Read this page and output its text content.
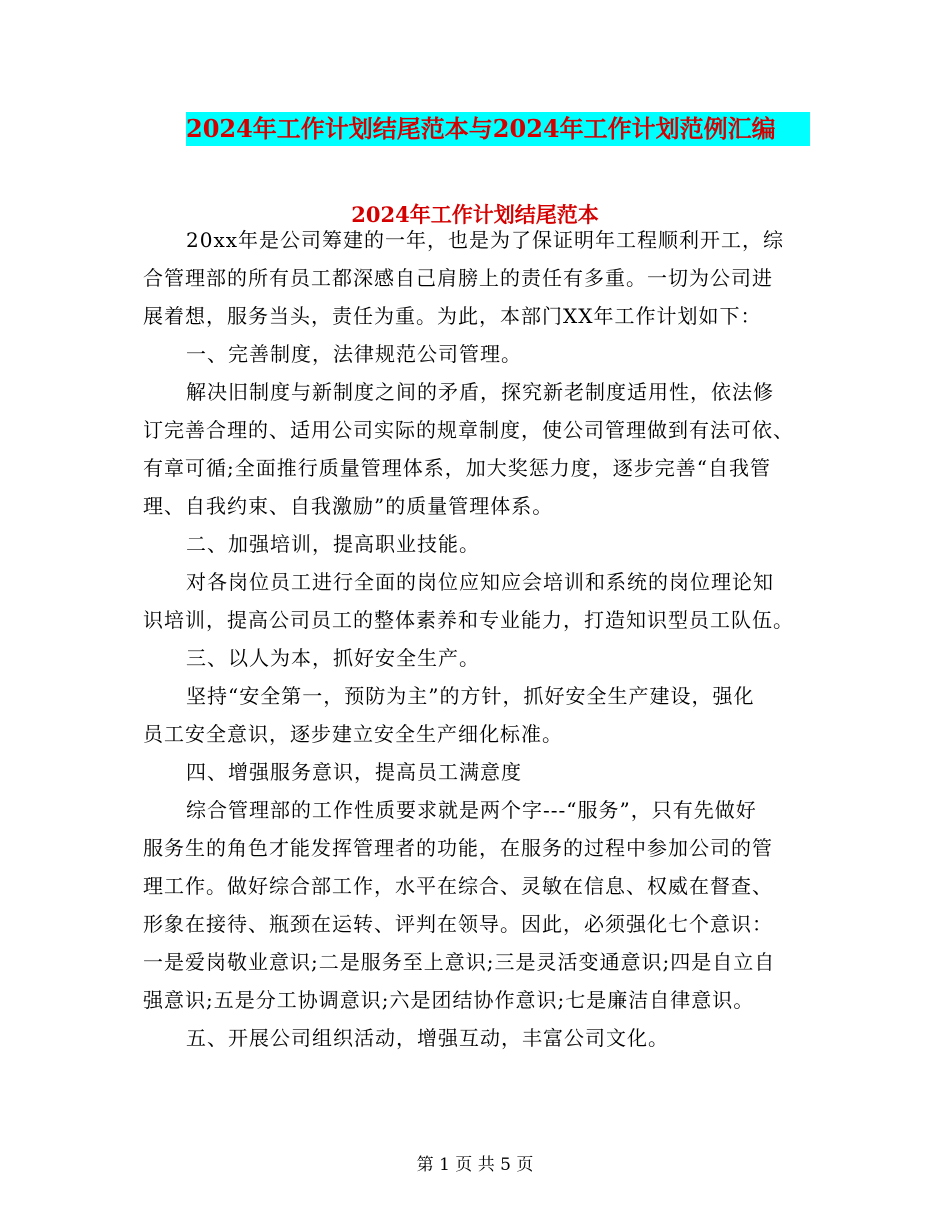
2024年工作计划结尾范本与2024年工作计划范例汇编
2024年工作计划结尾范本
20xx年是公司筹建的一年，也是为了保证明年工程顺利开工，综
合管理部的所有员工都深感自己肩膀上的责任有多重。一切为公司进
展着想，服务当头，责任为重。为此，本部门XX年工作计划如下：
一、完善制度，法律规范公司管理。
解决旧制度与新制度之间的矛盾，探究新老制度适用性，依法修
订完善合理的、适用公司实际的规章制度，使公司管理做到有法可依、
有章可循;全面推行质量管理体系，加大奖惩力度，逐步完善“自我管
理、自我约束、自我激励”的质量管理体系。
二、加强培训，提高职业技能。
对各岗位员工进行全面的岗位应知应会培训和系统的岗位理论知
识培训，提高公司员工的整体素养和专业能力，打造知识型员工队伍。
三、以人为本，抓好安全生产。
坚持“安全第一，预防为主”的方针，抓好安全生产建设，强化
员工安全意识，逐步建立安全生产细化标准。
四、增强服务意识，提高员工满意度
综合管理部的工作性质要求就是两个字---“服务”，只有先做好
服务生的角色才能发挥管理者的功能，在服务的过程中参加公司的管
理工作。做好综合部工作，水平在综合、灵敏在信息、权威在督查、
形象在接待、瓶颈在运转、评判在领导。因此，必须强化七个意识：
一是爱岗敬业意识;二是服务至上意识;三是灵活变通意识;四是自立自
强意识;五是分工协调意识;六是团结协作意识;七是廉洁自律意识。
五、开展公司组织活动，增强互动，丰富公司文化。
第 1 页 共 5 页
